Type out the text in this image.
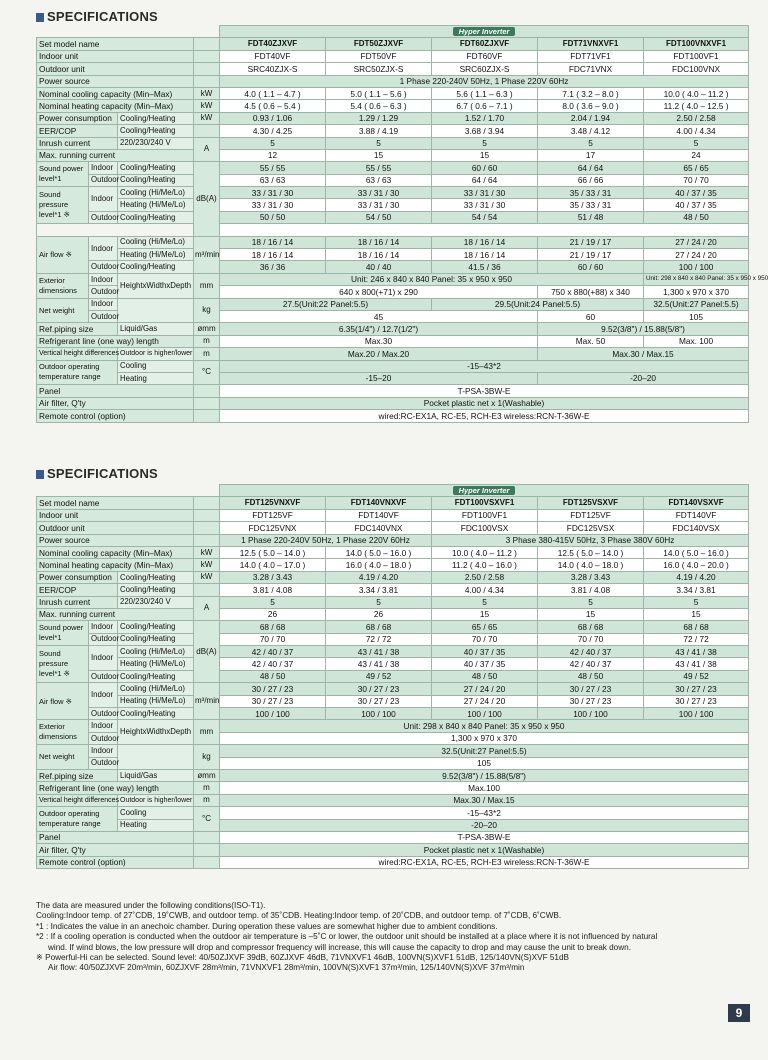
SPECIFICATIONS
				Hyper Inverter				
Set model name				FDT40ZJXVF	FDT50ZJXVF	FDT60ZJXVF	FDT71VNXVF1	FDT100VNXVF1
Indoor unit				FDT40VF	FDT50VF	FDT60VF	FDT71VF1	FDT100VF1
Outdoor unit				SRC40ZJX-S	SRC50ZJX-S	SRC60ZJX-S	FDC71VNX	FDC100VNX
Power source				1 Phase 220-240V 50Hz, 1 Phase 220V 60Hz				
Nominal cooling capacity (Min–Max)			kW	4.0 ( 1.1 – 4.7 )	5.0 ( 1.1 – 5.6 )	5.6 ( 1.1 – 6.3 )	7.1 ( 3.2 – 8.0 )	10.0 ( 4.0 – 11.2 )
Nominal heating capacity (Min–Max)			kW	4.5 ( 0.6 – 5.4 )	5.4 ( 0.6 – 6.3 )	6.7 ( 0.6 – 7.1 )	8.0 ( 3.6 – 9.0 )	11.2 ( 4.0 – 12.5 )
Power consumption		Cooling/Heating	kW	0.93 / 1.06	1.29 / 1.29	1.52 / 1.70	2.04 / 1.94	2.50 / 2.58
EER/COP		Cooling/Heating		4.30 / 4.25	3.88 / 4.19	3.68 / 3.94	3.48 / 4.12	4.00 / 4.34
Inrush current		220/230/240 V	A	5	5	5	5	5
Max. running current				12	15	15	17	24
Sound power level*1	Indoor	Cooling/Heating	dB(A)	55 / 55	55 / 55	60 / 60	64 / 64	65 / 65
	Outdoor	Cooling/Heating		63 / 63	63 / 63	64 / 64	66 / 66	70 / 70
Sound pressure level*1 ※	Indoor	Cooling (Hi/Me/Lo)		33 / 31 / 30	33 / 31 / 30	33 / 31 / 30	35 / 33 / 31	40 / 37 / 35
		Heating (Hi/Me/Lo)		33 / 31 / 30	33 / 31 / 30	33 / 31 / 30	35 / 33 / 31	40 / 37 / 35
	Outdoor	Cooling/Heating		50 / 50	54 / 50	54 / 54	51 / 48	48 / 50

Air flow ※	Indoor	Cooling (Hi/Me/Lo)	m³/min	18 / 16 / 14	18 / 16 / 14	18 / 16 / 14	21 / 19 / 17	27 / 24 / 20
		Heating (Hi/Me/Lo)		18 / 16 / 14	18 / 16 / 14	18 / 16 / 14	21 / 19 / 17	27 / 24 / 20
	Outdoor	Cooling/Heating		36 / 36	40 / 40	41.5 / 36	60 / 60	100 / 100
Exterior dimensions	Indoor	HeightxWidthxDepth	mm	Unit: 246 x 840 x 840 Panel: 35 x 950 x 950				Unit: 298 x 840 x 840 Panel: 35 x 950 x 950
	Outdoor			640 x 800(+71) x 290			750 x 880(+88) x 340	1,300 x 970 x 370
Net weight	Indoor		kg	27.5(Unit:22 Panel:5.5)		29.5(Unit:24 Panel:5.5)		32.5(Unit:27 Panel:5.5)
	Outdoor			45			60	105
Ref.piping size		Liquid/Gas	ømm	6.35(1/4") / 12.7(1/2")			9.52(3/8") / 15.88(5/8")	
Refrigerant line (one way) length			m	Max.30			Max. 50	Max. 100
Vertical height differences		Outdoor is higher/lower	m	Max.20 / Max.20			Max.30 / Max.15	
Outdoor operating temperature range		Cooling	°C	-15–43*2				
		Heating		-15–20			-20–20	
Panel				T-PSA-3BW-E				
Air filter, Q'ty				Pocket plastic net x 1(Washable)				
Remote control (option)				wired:RC-EX1A, RC-E5, RCH-E3 wireless:RCN-T-36W-E				
SPECIFICATIONS
				Hyper Inverter				
Set model name				FDT125VNXVF	FDT140VNXVF	FDT100VSXVF1	FDT125VSXVF	FDT140VSXVF
Indoor unit				FDT125VF	FDT140VF	FDT100VF1	FDT125VF	FDT140VF
Outdoor unit				FDC125VNX	FDC140VNX	FDC100VSX	FDC125VSX	FDC140VSX
Power source				1 Phase 220-240V 50Hz, 1 Phase 220V 60Hz		3 Phase 380-415V 50Hz, 3 Phase 380V 60Hz		
Nominal cooling capacity (Min–Max)			kW	12.5 ( 5.0 – 14.0 )	14.0 ( 5.0 – 16.0 )	10.0 ( 4.0 – 11.2 )	12.5 ( 5.0 – 14.0 )	14.0 ( 5.0 – 16.0 )
Nominal heating capacity (Min–Max)			kW	14.0 ( 4.0 – 17.0 )	16.0 ( 4.0 – 18.0 )	11.2 ( 4.0 – 16.0 )	14.0 ( 4.0 – 18.0 )	16.0 ( 4.0 – 20.0 )
Power consumption		Cooling/Heating	kW	3.28 / 3.43	4.19 / 4.20	2.50 / 2.58	3.28 / 3.43	4.19 / 4.20
EER/COP		Cooling/Heating		3.81 / 4.08	3.34 / 3.81	4.00 / 4.34	3.81 / 4.08	3.34 / 3.81
Inrush current		220/230/240 V	A	5	5	5	5	5
Max. running current				26	26	15	15	15
Sound power level*1	Indoor	Cooling/Heating	dB(A)	68 / 68	68 / 68	65 / 65	68 / 68	68 / 68
	Outdoor	Cooling/Heating		70 / 70	72 / 72	70 / 70	70 / 70	72 / 72
Sound pressure level*1 ※	Indoor	Cooling (Hi/Me/Lo)		42 / 40 / 37	43 / 41 / 38	40 / 37 / 35	42 / 40 / 37	43 / 41 / 38
		Heating (Hi/Me/Lo)		42 / 40 / 37	43 / 41 / 38	40 / 37 / 35	42 / 40 / 37	43 / 41 / 38
	Outdoor	Cooling/Heating		48 / 50	49 / 52	48 / 50	48 / 50	49 / 52
Air flow ※	Indoor	Cooling (Hi/Me/Lo)	m³/min	30 / 27 / 23	30 / 27 / 23	27 / 24 / 20	30 / 27 / 23	30 / 27 / 23
		Heating (Hi/Me/Lo)		30 / 27 / 23	30 / 27 / 23	27 / 24 / 20	30 / 27 / 23	30 / 27 / 23
	Outdoor	Cooling/Heating		100 / 100	100 / 100	100 / 100	100 / 100	100 / 100
Exterior dimensions	Indoor	HeightxWidthxDepth	mm	Unit: 298 x 840 x 840 Panel: 35 x 950 x 950				
	Outdoor			1,300 x 970 x 370				
Net weight	Indoor		kg	32.5(Unit:27 Panel:5.5)				
	Outdoor			105				
Ref.piping size		Liquid/Gas	ømm	9.52(3/8") / 15.88(5/8")				
Refrigerant line (one way) length			m	Max.100				
Vertical height differences		Outdoor is higher/lower	m	Max.30 / Max.15				
Outdoor operating temperature range		Cooling	°C	-15–43*2				
		Heating		-20–20				
Panel				T-PSA-3BW-E				
Air filter, Q'ty				Pocket plastic net x 1(Washable)				
Remote control (option)				wired:RC-EX1A, RC-E5, RCH-E3 wireless:RCN-T-36W-E				

The data are measured under the following conditions(ISO-T1).

Cooling:Indoor temp. of 27˚CDB, 19˚CWB, and outdoor temp. of 35˚CDB. Heating:Indoor temp. of 20˚CDB, and outdoor temp. of 7˚CDB, 6˚CWB.

*1 : Indicates the value in an anechoic chamber. During operation these values are somewhat higher due to ambient conditions.

*2 : If a cooling operation is conducted when the outdoor air temperature is –5˚C or lower, the outdoor unit should be installed at a place where it is not influenced by natural

wind. If wind blows, the low pressure will drop and compressor frequency will increase, this will cause the capacity to drop and may cause the unit to break down.

※ Powerful-Hi can be selected. Sound level: 40/50ZJXVF 39dB, 60ZJXVF 46dB, 71VNXVF1 46dB, 100VN(S)XVF1 51dB, 125/140VN(S)XVF 51dB

Air flow: 40/50ZJXVF 20m³/min, 60ZJXVF 28m³/min, 71VNXVF1 28m³/min, 100VN(S)XVF1 37m³/min, 125/140VN(S)XVF 37m³/min

9
